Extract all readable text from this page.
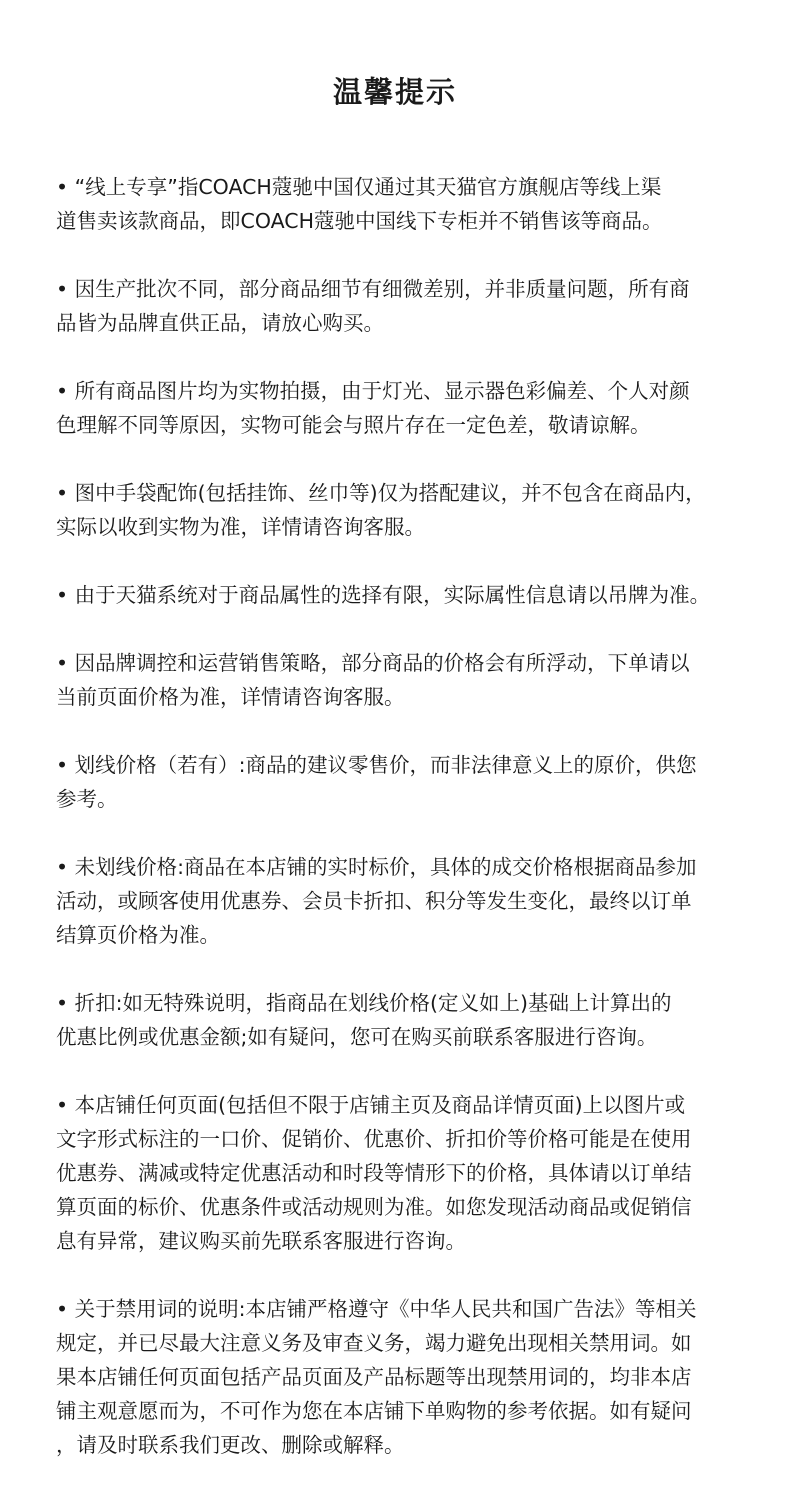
温馨提示
• “线上专享”指COACH蔻驰中国仅通过其天猫官方旗舰店等线上渠
道售卖该款商品，即COACH蔻驰中国线下专柜并不销售该等商品。
• 因生产批次不同，部分商品细节有细微差别，并非质量问题，所有商
品皆为品牌直供正品，请放心购买。
• 所有商品图片均为实物拍摄，由于灯光、显示器色彩偏差、个人对颜
色理解不同等原因，实物可能会与照片存在一定色差，敬请谅解。
• 图中手袋配饰(包括挂饰、丝巾等)仅为搭配建议，并不包含在商品内，
实际以收到实物为准，详情请咨询客服。
• 由于天猫系统对于商品属性的选择有限，实际属性信息请以吊牌为准。
• 因品牌调控和运营销售策略，部分商品的价格会有所浮动，下单请以
当前页面价格为准，详情请咨询客服。
• 划线价格（若有）:商品的建议零售价，而非法律意义上的原价，供您
参考。
• 未划线价格:商品在本店铺的实时标价，具体的成交价格根据商品参加
活动，或顾客使用优惠券、会员卡折扣、积分等发生变化，最终以订单
结算页价格为准。
• 折扣:如无特殊说明，指商品在划线价格(定义如上)基础上计算出的
优惠比例或优惠金额;如有疑问，您可在购买前联系客服进行咨询。
• 本店铺任何页面(包括但不限于店铺主页及商品详情页面)上以图片或
文字形式标注的一口价、促销价、优惠价、折扣价等价格可能是在使用
优惠券、满减或特定优惠活动和时段等情形下的价格，具体请以订单结
算页面的标价、优惠条件或活动规则为准。如您发现活动商品或促销信
息有异常，建议购买前先联系客服进行咨询。
• 关于禁用词的说明:本店铺严格遵守《中华人民共和国广告法》等相关
规定，并已尽最大注意义务及审查义务，竭力避免出现相关禁用词。如
果本店铺任何页面包括产品页面及产品标题等出现禁用词的，均非本店
铺主观意愿而为，不可作为您在本店铺下单购物的参考依据。如有疑问
，请及时联系我们更改、删除或解释。
